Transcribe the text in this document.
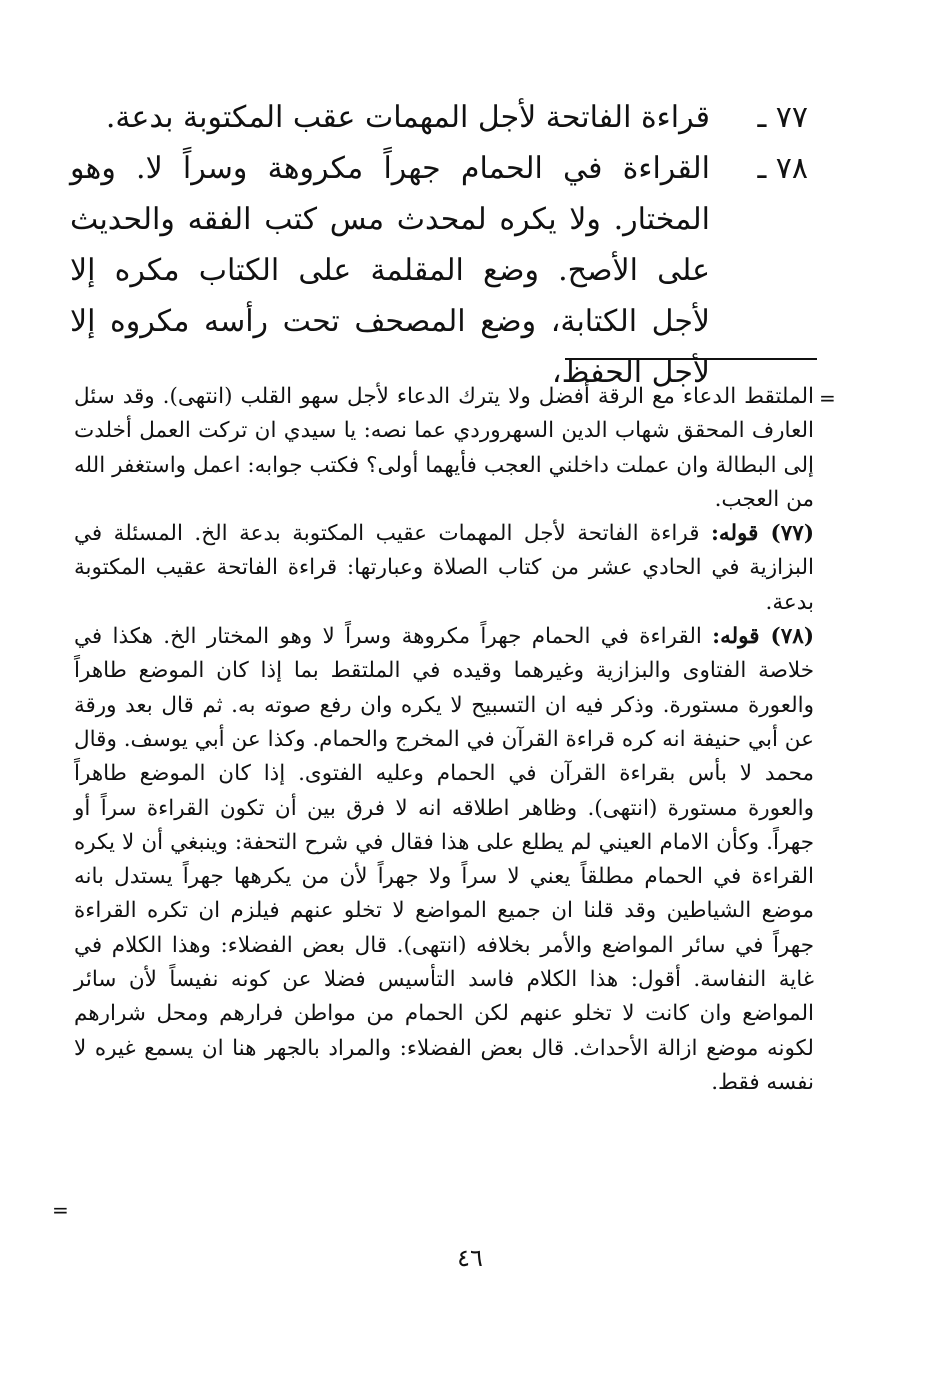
٧٧ ـ
قراءة الفاتحة لأجل المهمات عقب المكتوبة بدعة.
٧٨ ـ
القراءة في الحمام جهراً مكروهة وسراً لا. وهو المختار. ولا يكره لمحدث مس كتب الفقه والحديث على الأصح. وضع المقلمة على الكتاب مكره إلا لأجل الكتابة، وضع المصحف تحت رأسه مكروه إلا لأجل الحفظ،
=

الملتقط الدعاء مع الرقة أفضل ولا يترك الدعاء لأجل سهو القلب (انتهى). وقد سئل العارف المحقق شهاب الدين السهروردي عما نصه: يا سيدي ان تركت العمل أخلدت إلى البطالة وان عملت داخلني العجب فأيهما أولى؟ فكتب جوابه: اعمل واستغفر الله من العجب.

(٧٧) قوله: قراءة الفاتحة لأجل المهمات عقيب المكتوبة بدعة الخ. المسئلة في البزازية في الحادي عشر من كتاب الصلاة وعبارتها: قراءة الفاتحة عقيب المكتوبة بدعة.

(٧٨) قوله: القراءة في الحمام جهراً مكروهة وسراً لا وهو المختار الخ. هكذا في خلاصة الفتاوى والبزازية وغيرهما وقيده في الملتقط بما إذا كان الموضع طاهراً والعورة مستورة. وذكر فيه ان التسبيح لا يكره وان رفع صوته به. ثم قال بعد ورقة عن أبي حنيفة انه كره قراءة القرآن في المخرج والحمام. وكذا عن أبي يوسف. وقال محمد لا بأس بقراءة القرآن في الحمام وعليه الفتوى. إذا كان الموضع طاهراً والعورة مستورة (انتهى). وظاهر اطلاقه انه لا فرق بين أن تكون القراءة سراً أو جهراً. وكأن الامام العيني لم يطلع على هذا فقال في شرح التحفة: وينبغي أن لا يكره القراءة في الحمام مطلقاً يعني لا سراً ولا جهراً لأن من يكرهها جهراً يستدل بانه موضع الشياطين وقد قلنا ان جميع المواضع لا تخلو عنهم فيلزم ان تكره القراءة جهراً في سائر المواضع والأمر بخلافه (انتهى). قال بعض الفضلاء: وهذا الكلام في غاية النفاسة. أقول: هذا الكلام فاسد التأسيس فضلا عن كونه نفيساً لأن سائر المواضع وان كانت لا تخلو عنهم لكن الحمام من مواطن فرارهم ومحل شرارهم لكونه موضع ازالة الأحداث. قال بعض الفضلاء: والمراد بالجهر هنا ان يسمع غيره لا نفسه فقط.

=
٤٦
